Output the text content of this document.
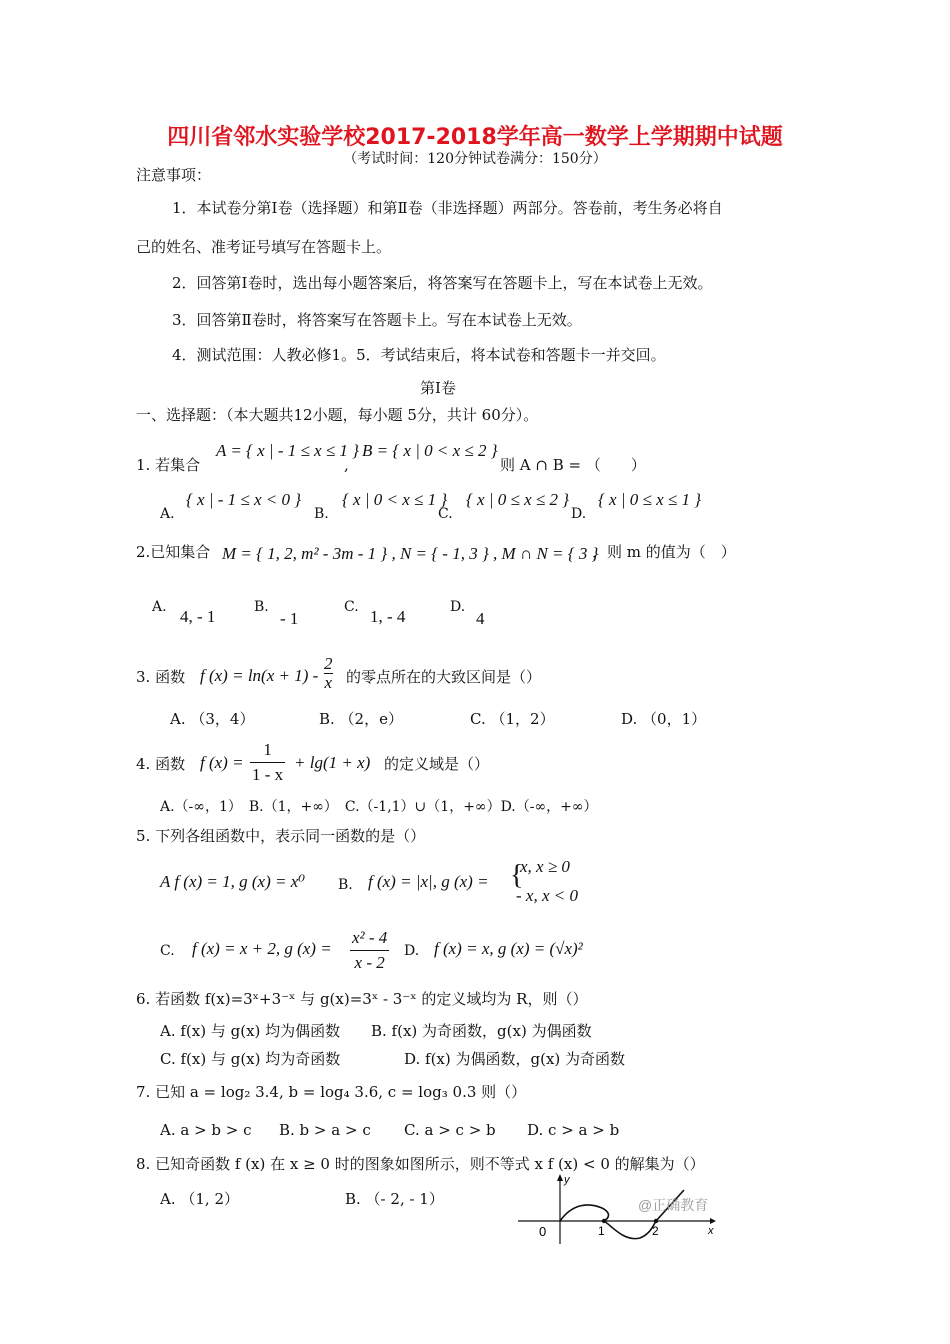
四川省邻水实验学校2017-2018学年高一数学上学期期中试题
（考试时间：120分钟试卷满分：150分）
注意事项：
1．本试卷分第Ⅰ卷（选择题）和第Ⅱ卷（非选择题）两部分。答卷前，考生务必将自
己的姓名、准考证号填写在答题卡上。
2．回答第Ⅰ卷时，选出每小题答案后，将答案写在答题卡上，写在本试卷上无效。
3．回答第Ⅱ卷时，将答案写在答题卡上。写在本试卷上无效。
4．测试范围：人教必修1。5．考试结束后，将本试卷和答题卡一并交回。
第Ⅰ卷
一、选择题：（本大题共12小题，每小题 5分，共计 60分）。
1. 若集合
A = { x | - 1 ≤ x ≤ 1 }
,
B = { x | 0 < x ≤ 2 }
则 A ∩ B = （　　）
A.
{ x | - 1 ≤ x < 0 }
B.
{ x | 0 < x ≤ 1 }
C.
{ x | 0 ≤ x ≤ 2 }
D.
{ x | 0 ≤ x ≤ 1 }
2.已知集合 M = { 1, 2, m² - 3m - 1 } , N = { - 1, 3 } , M ∩ N = { 3 }
，则 m 的值为（　）
A. 4, - 1	B.
- 1
C. 1, - 4	D.
4
3. 函数 f $(x) = \ln(x + 1) - \frac{2}{x}$ 的零点所在的大致区间是（）
A. （3，4）	B. （2，e）	C. （1，2）	D. （0，1）
4. 函数 f $(x) = \frac{1}{1 - x} + \lg(1 + x)$ 的定义域是（）
A.（-∞，1）　B.（1，+∞）　C.（-1,1）∪（1，+∞）D.（-∞，+∞）
5. 下列各组函数中，表示同一函数的是（）
A f (x) = 1, g (x) = x⁰ B. f (x) = |x|, g (x) = {
x, x ≥ 0
- x, x < 0
C. f (x) = x + 2, g $(x) = \frac{\text{x² - 4}}{x - 2} D$. f (x) = x, g (x) = (√x)²
6. 若函数 f(x)=3ˣ+3⁻ˣ 与 g(x)=3ˣ - 3⁻ˣ 的定义域均为 R，则（）
A. f(x) 与 g(x) 均为偶函数 B. f(x) 为奇函数，g(x) 为偶函数
C. f(x) 与 g(x) 均为奇函数	D. f(x) 为偶函数，g(x) 为奇函数
7. 已知 a = log₂ 3.4, b = log₄ 3.6, c = log₃ 0.3 则（）
A. a > b > c B. b > a > c C. a > c > b D. c > a > b
8. 已知奇函数 f (x) 在 x ≥ 0 时的图象如图所示，则不等式 x f (x) < 0 的解集为（）
A. （1, 2）	B. （- 2, - 1）
y
x
0	1	2
@正确教育
